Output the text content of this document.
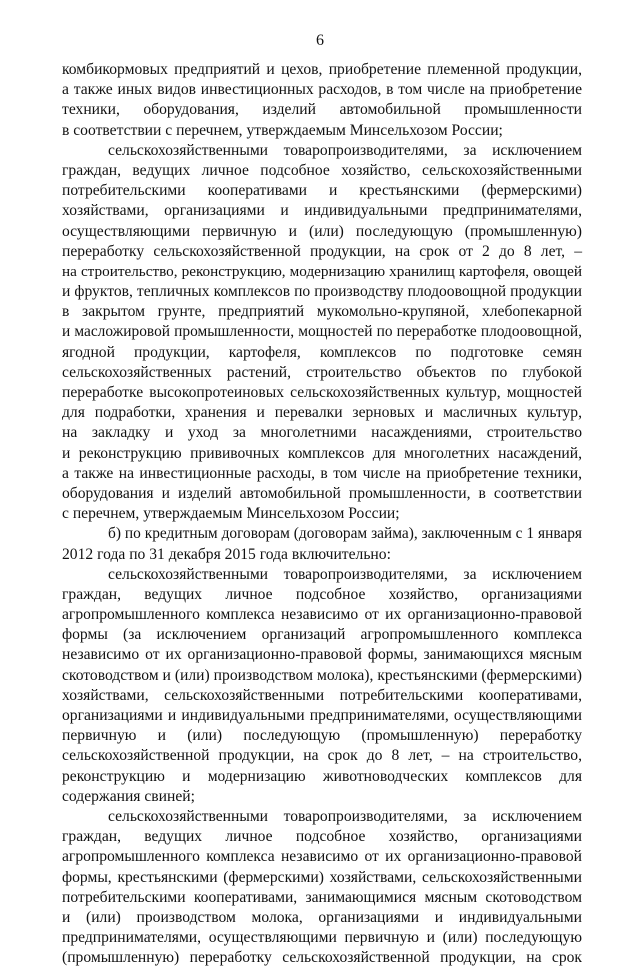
6
комбикормовых предприятий и цехов, приобретение племенной продукции,
а также иных видов инвестиционных расходов, в том числе на приобретение
техники, оборудования, изделий автомобильной промышленности
в соответствии с перечнем, утверждаемым Минсельхозом России;
сельскохозяйственными товаропроизводителями, за исключением
граждан, ведущих личное подсобное хозяйство, сельскохозяйственными
потребительскими кооперативами и крестьянскими (фермерскими)
хозяйствами, организациями и индивидуальными предпринимателями,
осуществляющими первичную и (или) последующую (промышленную)
переработку сельскохозяйственной продукции, на срок от 2 до 8 лет, –
на строительство, реконструкцию, модернизацию хранилищ картофеля, овощей
и фруктов, тепличных комплексов по производству плодоовощной продукции
в закрытом грунте, предприятий мукомольно-крупяной, хлебопекарной
и масложировой промышленности, мощностей по переработке плодоовощной,
ягодной продукции, картофеля, комплексов по подготовке семян
сельскохозяйственных растений, строительство объектов по глубокой
переработке высокопротеиновых сельскохозяйственных культур, мощностей
для подработки, хранения и перевалки зерновых и масличных культур,
на закладку и уход за многолетними насаждениями, строительство
и реконструкцию прививочных комплексов для многолетних насаждений,
а также на инвестиционные расходы, в том числе на приобретение техники,
оборудования и изделий автомобильной промышленности, в соответствии
с перечнем, утверждаемым Минсельхозом России;
б) по кредитным договорам (договорам займа), заключенным с 1 января
2012 года по 31 декабря 2015 года включительно:
сельскохозяйственными товаропроизводителями, за исключением
граждан, ведущих личное подсобное хозяйство, организациями
агропромышленного комплекса независимо от их организационно-правовой
формы (за исключением организаций агропромышленного комплекса
независимо от их организационно-правовой формы, занимающихся мясным
скотоводством и (или) производством молока), крестьянскими (фермерскими)
хозяйствами, сельскохозяйственными потребительскими кооперативами,
организациями и индивидуальными предпринимателями, осуществляющими
первичную и (или) последующую (промышленную) переработку
сельскохозяйственной продукции, на срок до 8 лет, – на строительство,
реконструкцию и модернизацию животноводческих комплексов для
содержания свиней;
сельскохозяйственными товаропроизводителями, за исключением
граждан, ведущих личное подсобное хозяйство, организациями
агропромышленного комплекса независимо от их организационно-правовой
формы, крестьянскими (фермерскими) хозяйствами, сельскохозяйственными
потребительскими кооперативами, занимающимися мясным скотоводством
и (или) производством молока, организациями и индивидуальными
предпринимателями, осуществляющими первичную и (или) последующую
(промышленную) переработку сельскохозяйственной продукции, на срок
